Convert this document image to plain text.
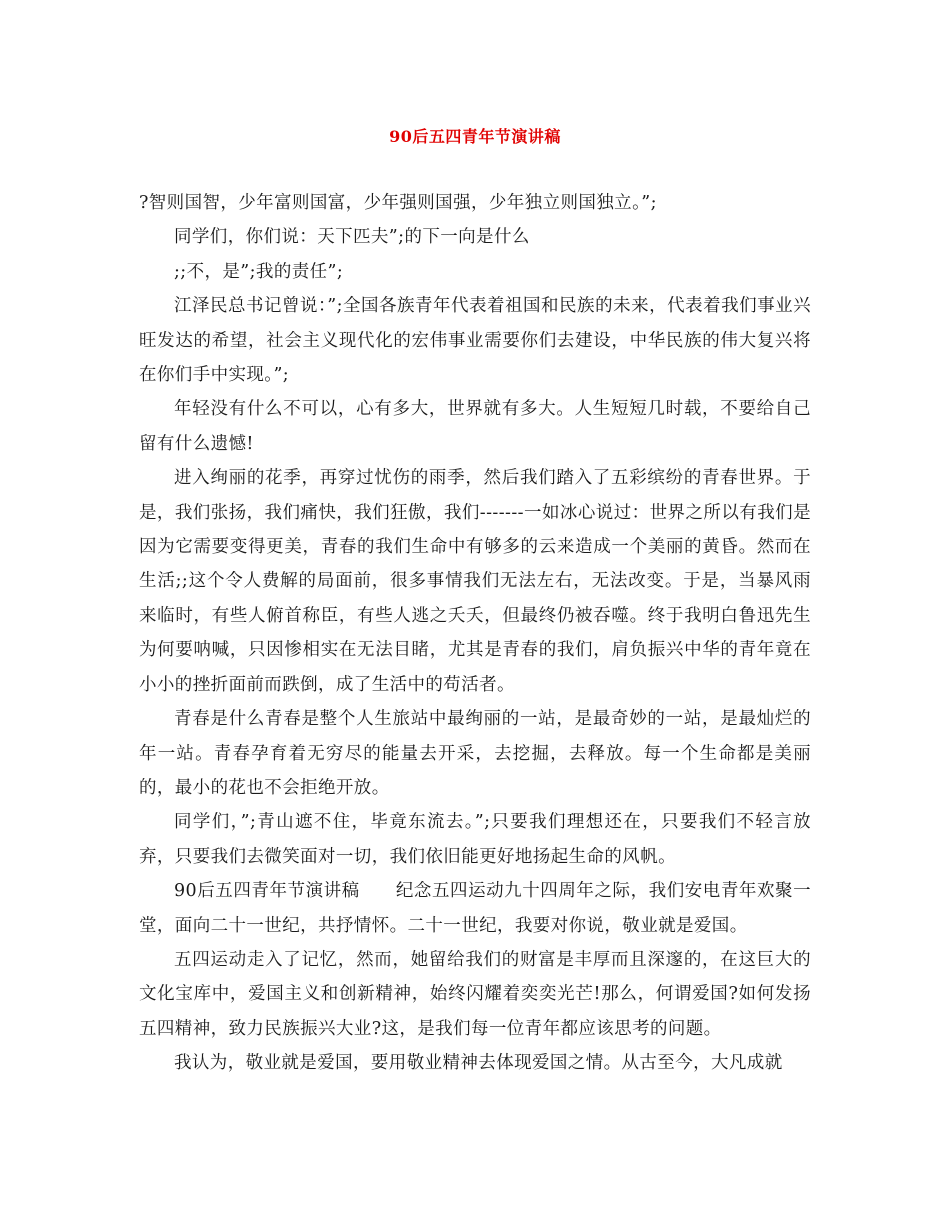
90后五四青年节演讲稿

?智则国智，少年富则国富，少年强则国强，少年独立则国独立。”;

同学们，你们说：天下匹夫”;的下一向是什么

;;不，是”;我的责任”;

江泽民总书记曾说：”;全国各族青年代表着祖国和民族的未来，代表着我们事业兴旺发达的希望，社会主义现代化的宏伟事业需要你们去建设，中华民族的伟大复兴将在你们手中实现。”;

年轻没有什么不可以，心有多大，世界就有多大。人生短短几时载，不要给自己留有什么遗憾!

进入绚丽的花季，再穿过忧伤的雨季，然后我们踏入了五彩缤纷的青春世界。于是，我们张扬，我们痛快，我们狂傲，我们-------一如冰心说过：世界之所以有我们是因为它需要变得更美，青春的我们生命中有够多的云来造成一个美丽的黄昏。然而在生活;;这个令人费解的局面前，很多事情我们无法左右，无法改变。于是，当暴风雨来临时，有些人俯首称臣，有些人逃之夭夭，但最终仍被吞噬。终于我明白鲁迅先生为何要呐喊，只因惨相实在无法目睹，尤其是青春的我们，肩负振兴中华的青年竟在小小的挫折面前而跌倒，成了生活中的苟活者。

青春是什么青春是整个人生旅站中最绚丽的一站，是最奇妙的一站，是最灿烂的年一站。青春孕育着无穷尽的能量去开采，去挖掘，去释放。每一个生命都是美丽的，最小的花也不会拒绝开放。

同学们，”;青山遮不住，毕竟东流去。”;只要我们理想还在，只要我们不轻言放弃，只要我们去微笑面对一切，我们依旧能更好地扬起生命的风帆。

90后五四青年节演讲稿　　纪念五四运动九十四周年之际，我们安电青年欢聚一堂，面向二十一世纪，共抒情怀。二十一世纪，我要对你说，敬业就是爱国。

五四运动走入了记忆，然而，她留给我们的财富是丰厚而且深邃的，在这巨大的文化宝库中，爱国主义和创新精神，始终闪耀着奕奕光芒!那么，何谓爱国?如何发扬五四精神，致力民族振兴大业?这，是我们每一位青年都应该思考的问题。

我认为，敬业就是爱国，要用敬业精神去体现爱国之情。从古至今，大凡成就
